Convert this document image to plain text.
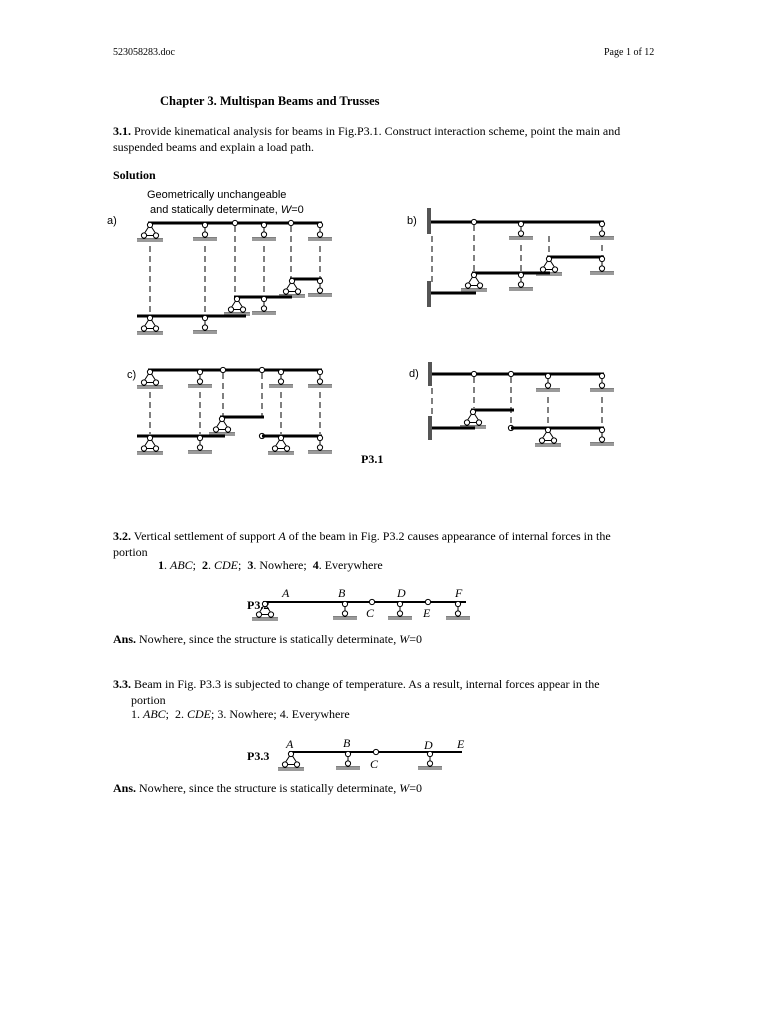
523058283.doc	Page 1 of 12
Chapter 3. Multispan Beams and Trusses
3.1. Provide kinematical analysis for beams in Fig.P3.1. Construct interaction scheme, point the main and
suspended beams and explain a load path.
Solution
3.2. Vertical settlement of support A of the beam in Fig. P3.2 causes appearance of internal forces in the
portion
1. ABC;  2. CDE;  3. Nowhere;  4. Everywhere
Ans. Nowhere, since the structure is statically determinate, W=0
3.3. Beam in Fig. P3.3 is subjected to change of temperature. As a result, internal forces appear in the
portion
1. ABC;  2. CDE; 3. Nowhere; 4. Everywhere
Ans. Nowhere, since the structure is statically determinate, W=0
Geometrically unchangeable
and statically determinate, W=0
a)	b)
c)	d)
P3.1
P3.2
A	B
C
D
E
F
P3.3
A	B
C
D E
